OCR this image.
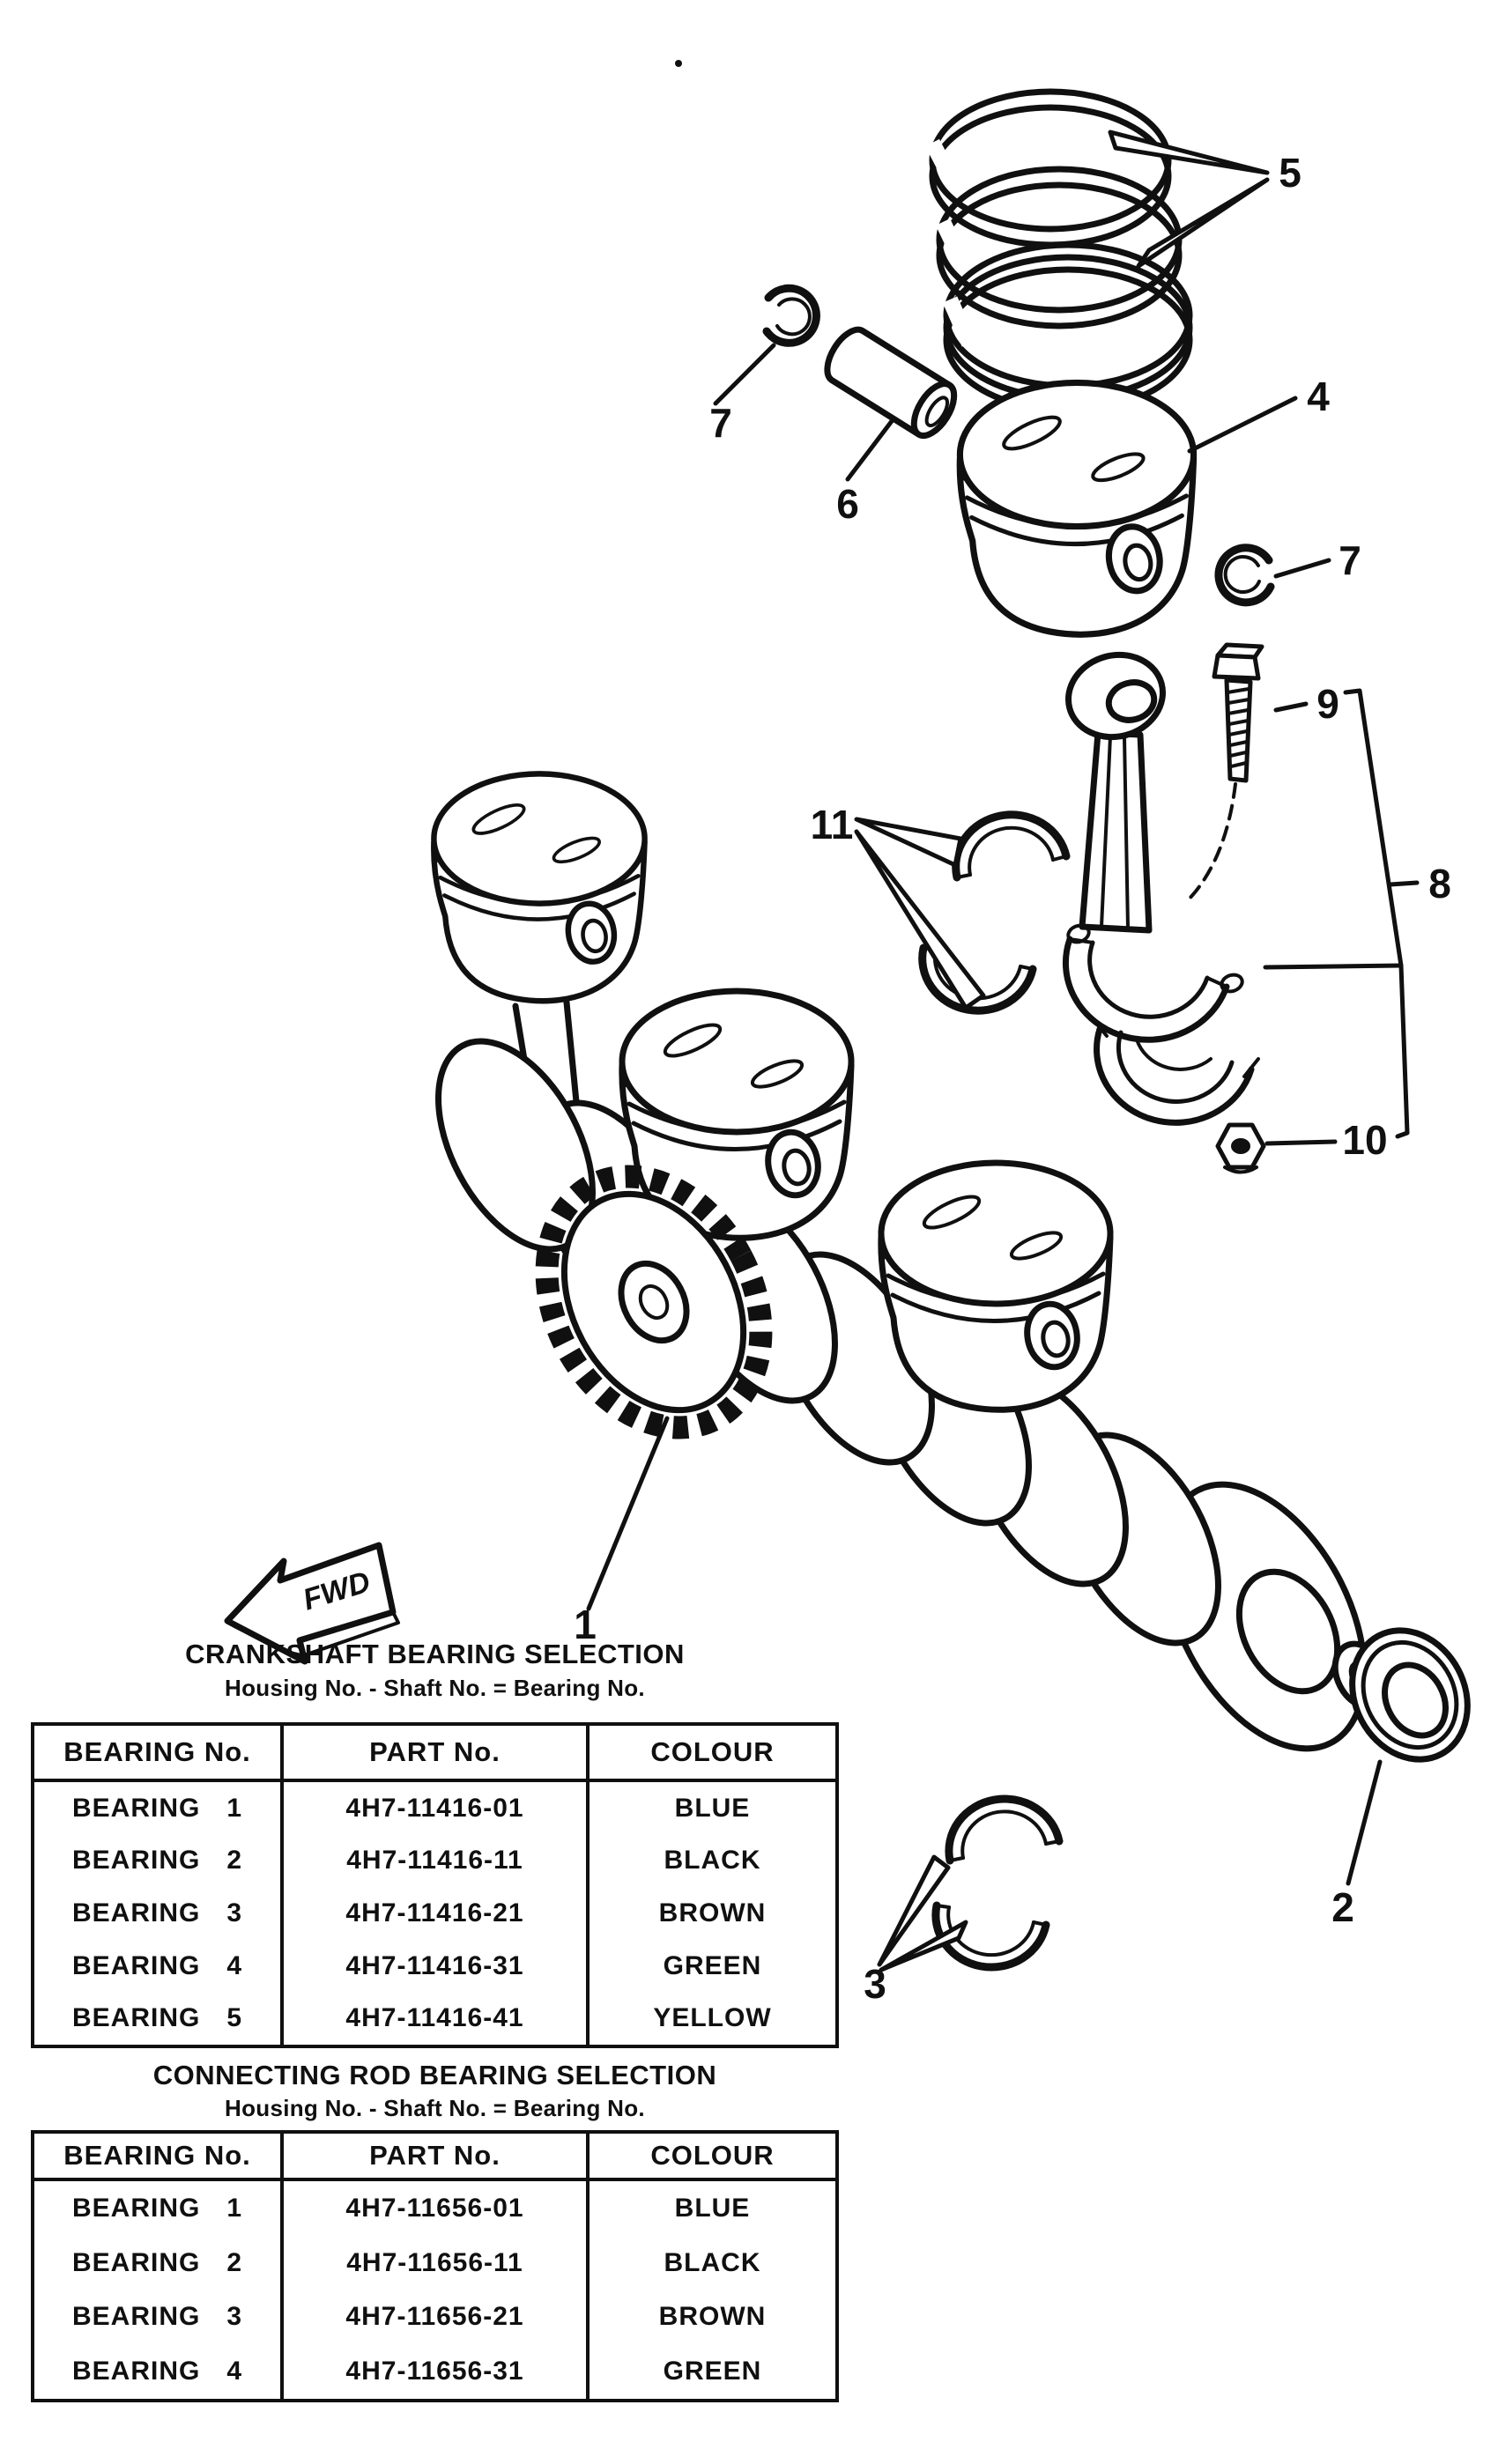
5
7
6
4
7
9
8
10
11
1
2
3
FWD
CRANKSHAFT BEARING SELECTION
Housing No. - Shaft No. = Bearing No.
BEARING No.	PART No.	COLOUR
BEARING 1	4H7-11416-01	BLUE
BEARING 2	4H7-11416-11	BLACK
BEARING 3	4H7-11416-21	BROWN
BEARING 4	4H7-11416-31	GREEN
BEARING 5	4H7-11416-41	YELLOW
CONNECTING ROD BEARING SELECTION
Housing No. - Shaft No. = Bearing No.
BEARING No.	PART No.	COLOUR
BEARING 1	4H7-11656-01	BLUE
BEARING 2	4H7-11656-11	BLACK
BEARING 3	4H7-11656-21	BROWN
BEARING 4	4H7-11656-31	GREEN
